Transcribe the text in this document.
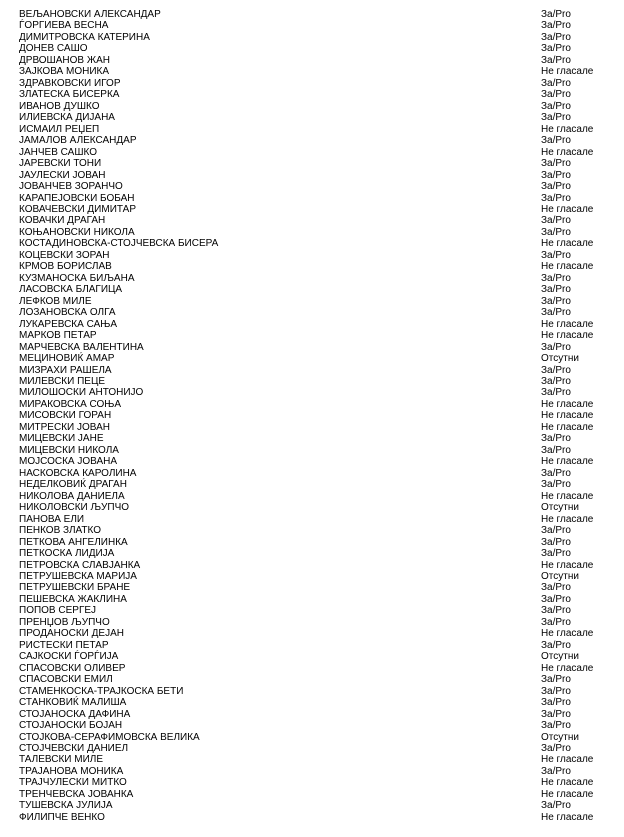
ВЕЉАНОВСКИ АЛЕКСАНДАР	За/Pro
ЃОРГИЕВА ВЕСНА	За/Pro
ДИМИТРОВСКА КАТЕРИНА	За/Pro
ДОНЕВ САШО	За/Pro
ДРВОШАНОВ ЖАН	За/Pro
ЗАЈКОВА МОНИКА	Не гласале
ЗДРАВКОВСКИ ИГОР	За/Pro
ЗЛАТЕСКА БИСЕРКА	За/Pro
ИВАНОВ ДУШКО	За/Pro
ИЛИЕВСКА ДИЈАНА	За/Pro
ИСМАИЛ РЕЏЕП	Не гласале
ЈАМАЛОВ АЛЕКСАНДАР	За/Pro
ЈАНЧЕВ САШКО	Не гласале
ЈАРЕВСКИ ТОНИ	За/Pro
ЈАУЛЕСКИ ЈОВАН	За/Pro
ЈОВАНЧЕВ ЗОРАНЧО	За/Pro
КАРАПЕЈОВСКИ БОБАН	За/Pro
КОВАЧЕВСКИ ДИМИТАР	Не гласале
КОВАЧКИ ДРАГАН	За/Pro
КОЊАНОВСКИ НИКОЛА	За/Pro
КОСТАДИНОВСКА-СТОЈЧЕВСКА БИСЕРА	Не гласале
КОЦЕВСКИ ЗОРАН	За/Pro
КРМОВ БОРИСЛАВ	Не гласале
КУЗМАНОСКА БИЉАНА	За/Pro
ЛАСОВСКА БЛАГИЦА	За/Pro
ЛЕФКОВ МИЛЕ	За/Pro
ЛОЗАНОВСКА ОЛГА	За/Pro
ЛУКАРЕВСКА САЊА	Не гласале
МАРКОВ ПЕТАР	Не гласале
МАРЧЕВСКА ВАЛЕНТИНА	За/Pro
МЕЦИНОВИЌ АМАР	Отсутни
МИЗРАХИ РАШЕЛА	За/Pro
МИЛЕВСКИ ПЕЦЕ	За/Pro
МИЛОШОСКИ АНТОНИЈО	За/Pro
МИРАКОВСКА СОЊА	Не гласале
МИСОВСКИ ГОРАН	Не гласале
МИТРЕСКИ ЈОВАН	Не гласале
МИЦЕВСКИ ЈАНЕ	За/Pro
МИЦЕВСКИ НИКОЛА	За/Pro
МОЈСОСКА ЈОВАНА	Не гласале
НАСКОВСКА КАРОЛИНА	За/Pro
НЕДЕЛКОВИЌ ДРАГАН	За/Pro
НИКОЛОВА ДАНИЕЛА	Не гласале
НИКОЛОВСКИ ЉУПЧО	Отсутни
ПАНОВА ЕЛИ	Не гласале
ПЕНКОВ ЗЛАТКО	За/Pro
ПЕТКОВА АНГЕЛИНКА	За/Pro
ПЕТКОСКА ЛИДИЈА	За/Pro
ПЕТРОВСКА СЛАВЈАНКА	Не гласале
ПЕТРУШЕВСКА МАРИЈА	Отсутни
ПЕТРУШЕВСКИ БРАНЕ	За/Pro
ПЕШЕВСКА ЖАКЛИНА	За/Pro
ПОПОВ СЕРГЕЈ	За/Pro
ПРЕНЏОВ ЉУПЧО	За/Pro
ПРОДАНОСКИ ДЕЈАН	Не гласале
РИСТЕСКИ ПЕТАР	За/Pro
САЈКОСКИ ЃОРЃИЈА	Отсутни
СПАСОВСКИ ОЛИВЕР	Не гласале
СПАСОВСКИ ЕМИЛ	За/Pro
СТАМЕНКОСКА-ТРАЈКОСКА БЕТИ	За/Pro
СТАНКОВИЌ МАЛИША	За/Pro
СТОЈАНОСКА ДАФИНА	За/Pro
СТОЈАНОСКИ БОЈАН	За/Pro
СТОЈКОВА-СЕРАФИМОВСКА ВЕЛИКА	Отсутни
СТОЈЧЕВСКИ ДАНИЕЛ	За/Pro
ТАЛЕВСКИ МИЛЕ	Не гласале
ТРАЈАНОВА МОНИКА	За/Pro
ТРАЈЧУЛЕСКИ МИТКО	Не гласале
ТРЕНЧЕВСКА ЈОВАНКА	Не гласале
ТУШЕВСКА ЈУЛИЈА	За/Pro
ФИЛИПЧЕ ВЕНКО	Не гласале
